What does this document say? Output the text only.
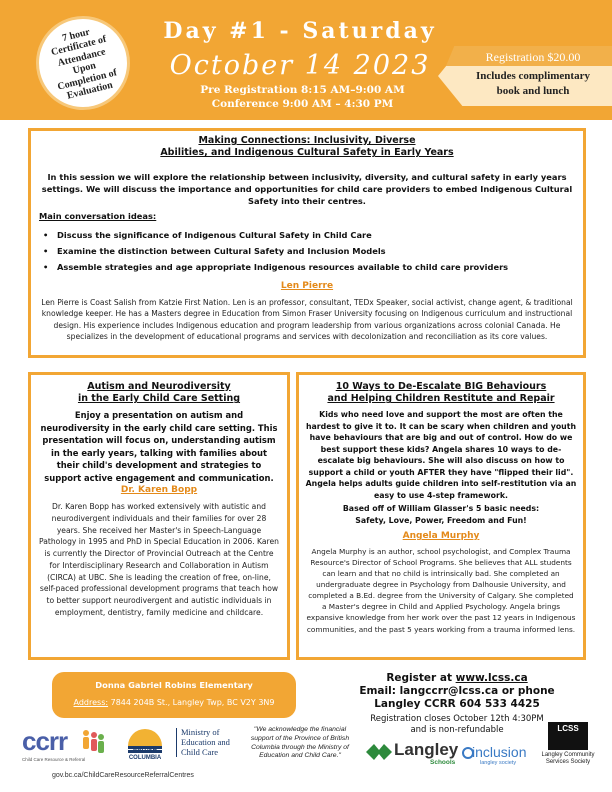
7 hour Certificate of Attendance Upon Completion of Evaluation
Day #1 - Saturday
October 14 2023
Pre Registration 8:15 AM–9:00 AM
Conference 9:00 AM – 4:30 PM
Registration $20.00
Includes complimentary
book and lunch
Making Connections: Inclusivity, Diverse
Abilities, and Indigenous Cultural Safety in Early Years
In this session we will explore the relationship between inclusivity, diversity, and cultural safety in early years settings. We will discuss the importance and opportunities for child care providers to embed Indigenous Cultural Safety into their centres.
Main conversation ideas:
• Discuss the significance of Indigenous Cultural Safety in Child Care
• Examine the distinction between Cultural Safety and Inclusion Models
• Assemble strategies and age appropriate Indigenous resources available to child care providers
Len Pierre
Len Pierre is Coast Salish from Katzie First Nation. Len is an professor, consultant, TEDx Speaker, social activist, change agent, & traditional knowledge keeper. He has a Masters degree in Education from Simon Fraser University focusing on Indigenous curriculum and instructional design. His experience includes Indigenous education and program leadership from various organizations across colonial Canada. He specializes in the development of educational programs and services with decolonization and reconciliation as its core values.
Autism and Neurodiversity
in the Early Child Care Setting
Enjoy a presentation on autism and neurodiversity in the early child care setting. This presentation will focus on, understanding autism in the early years, talking with families about their child's development and strategies to support active engagement and communication.
Dr. Karen Bopp
Dr. Karen Bopp has worked extensively with autistic and neurodivergent individuals and their families for over 28 years. She received her Master's in Speech-Language Pathology in 1995 and PhD in Special Education in 2006. Karen is currently the Director of Provincial Outreach at the Centre for Interdisciplinary Research and Collaboration in Autism (CIRCA) at UBC. She is leading the creation of free, on-line, self-paced professional development programs that teach how to better support neurodivergent and autistic individuals in employment, dentistry, family medicine and childcare.
10 Ways to De-Escalate BIG Behaviours
and Helping Children Restitute and Repair
Kids who need love and support the most are often the hardest to give it to. It can be scary when children and youth have behaviours that are big and out of control. How do we best support these kids? Angela shares 10 ways to de-escalate big behaviours. She will also discuss on how to support a child or youth AFTER they have "flipped their lid". Angela helps adults guide children into self-restitution via an easy to use 4-step framework.
Based off of William Glasser's 5 basic needs:
Safety, Love, Power, Freedom and Fun!
Angela Murphy
Angela Murphy is an author, school psychologist, and Complex Trauma Resource's Director of School Programs. She believes that ALL students can learn and that no child is intrinsically bad. She completed an undergraduate degree in Psychology from Dalhousie University, and completed a B.Ed. degree from the University of Calgary. She completed a Master's degree in Child and Applied Psychology. Angela brings expansive knowledge from her work over the past 12 years in Indigenous communities, and the past 5 years working from a trauma informed lens.
Donna Gabriel Robins Elementary
Address: 7844 204B St., Langley Twp, BC V2Y 3N9
Register at www.lcss.ca
Email: langccrr@lcss.ca or phone
Langley CCRR 604 533 4425
Registration closes October 12th 4:30PM
and is non-refundable
ccrr
Child Care Resource & Referral
BRITISH
COLUMBIA
Ministry of
Education and
Child Care
"We acknowledge the financial support of the Province of British Columbia through the Ministry of Education and Child Care."	Langley
Schools
inclusion
langley society
LCSS
Langley Community Services Society
gov.bc.ca/ChildCareResourceReferralCentres
